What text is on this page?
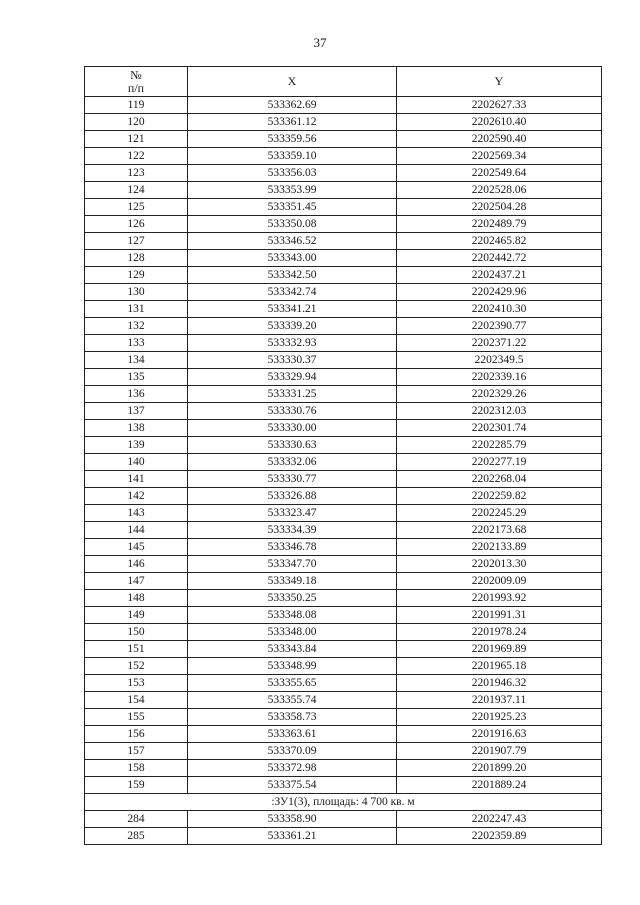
37
№
п/п	X	Y
119	533362.69	2202627.33
120	533361.12	2202610.40
121	533359.56	2202590.40
122	533359.10	2202569.34
123	533356.03	2202549.64
124	533353.99	2202528.06
125	533351.45	2202504.28
126	533350.08	2202489.79
127	533346.52	2202465.82
128	533343.00	2202442.72
129	533342.50	2202437.21
130	533342.74	2202429.96
131	533341.21	2202410.30
132	533339.20	2202390.77
133	533332.93	2202371.22
134	533330.37	2202349.5
135	533329.94	2202339.16
136	533331.25	2202329.26
137	533330.76	2202312.03
138	533330.00	2202301.74
139	533330.63	2202285.79
140	533332.06	2202277.19
141	533330.77	2202268.04
142	533326.88	2202259.82
143	533323.47	2202245.29
144	533334.39	2202173.68
145	533346.78	2202133.89
146	533347.70	2202013.30
147	533349.18	2202009.09
148	533350.25	2201993.92
149	533348.08	2201991.31
150	533348.00	2201978.24
151	533343.84	2201969.89
152	533348.99	2201965.18
153	533355.65	2201946.32
154	533355.74	2201937.11
155	533358.73	2201925.23
156	533363.61	2201916.63
157	533370.09	2201907.79
158	533372.98	2201899.20
159	533375.54	2201889.24
:ЗУ1(3), площадь: 4 700 кв. м		
284	533358.90	2202247.43
285	533361.21	2202359.89
